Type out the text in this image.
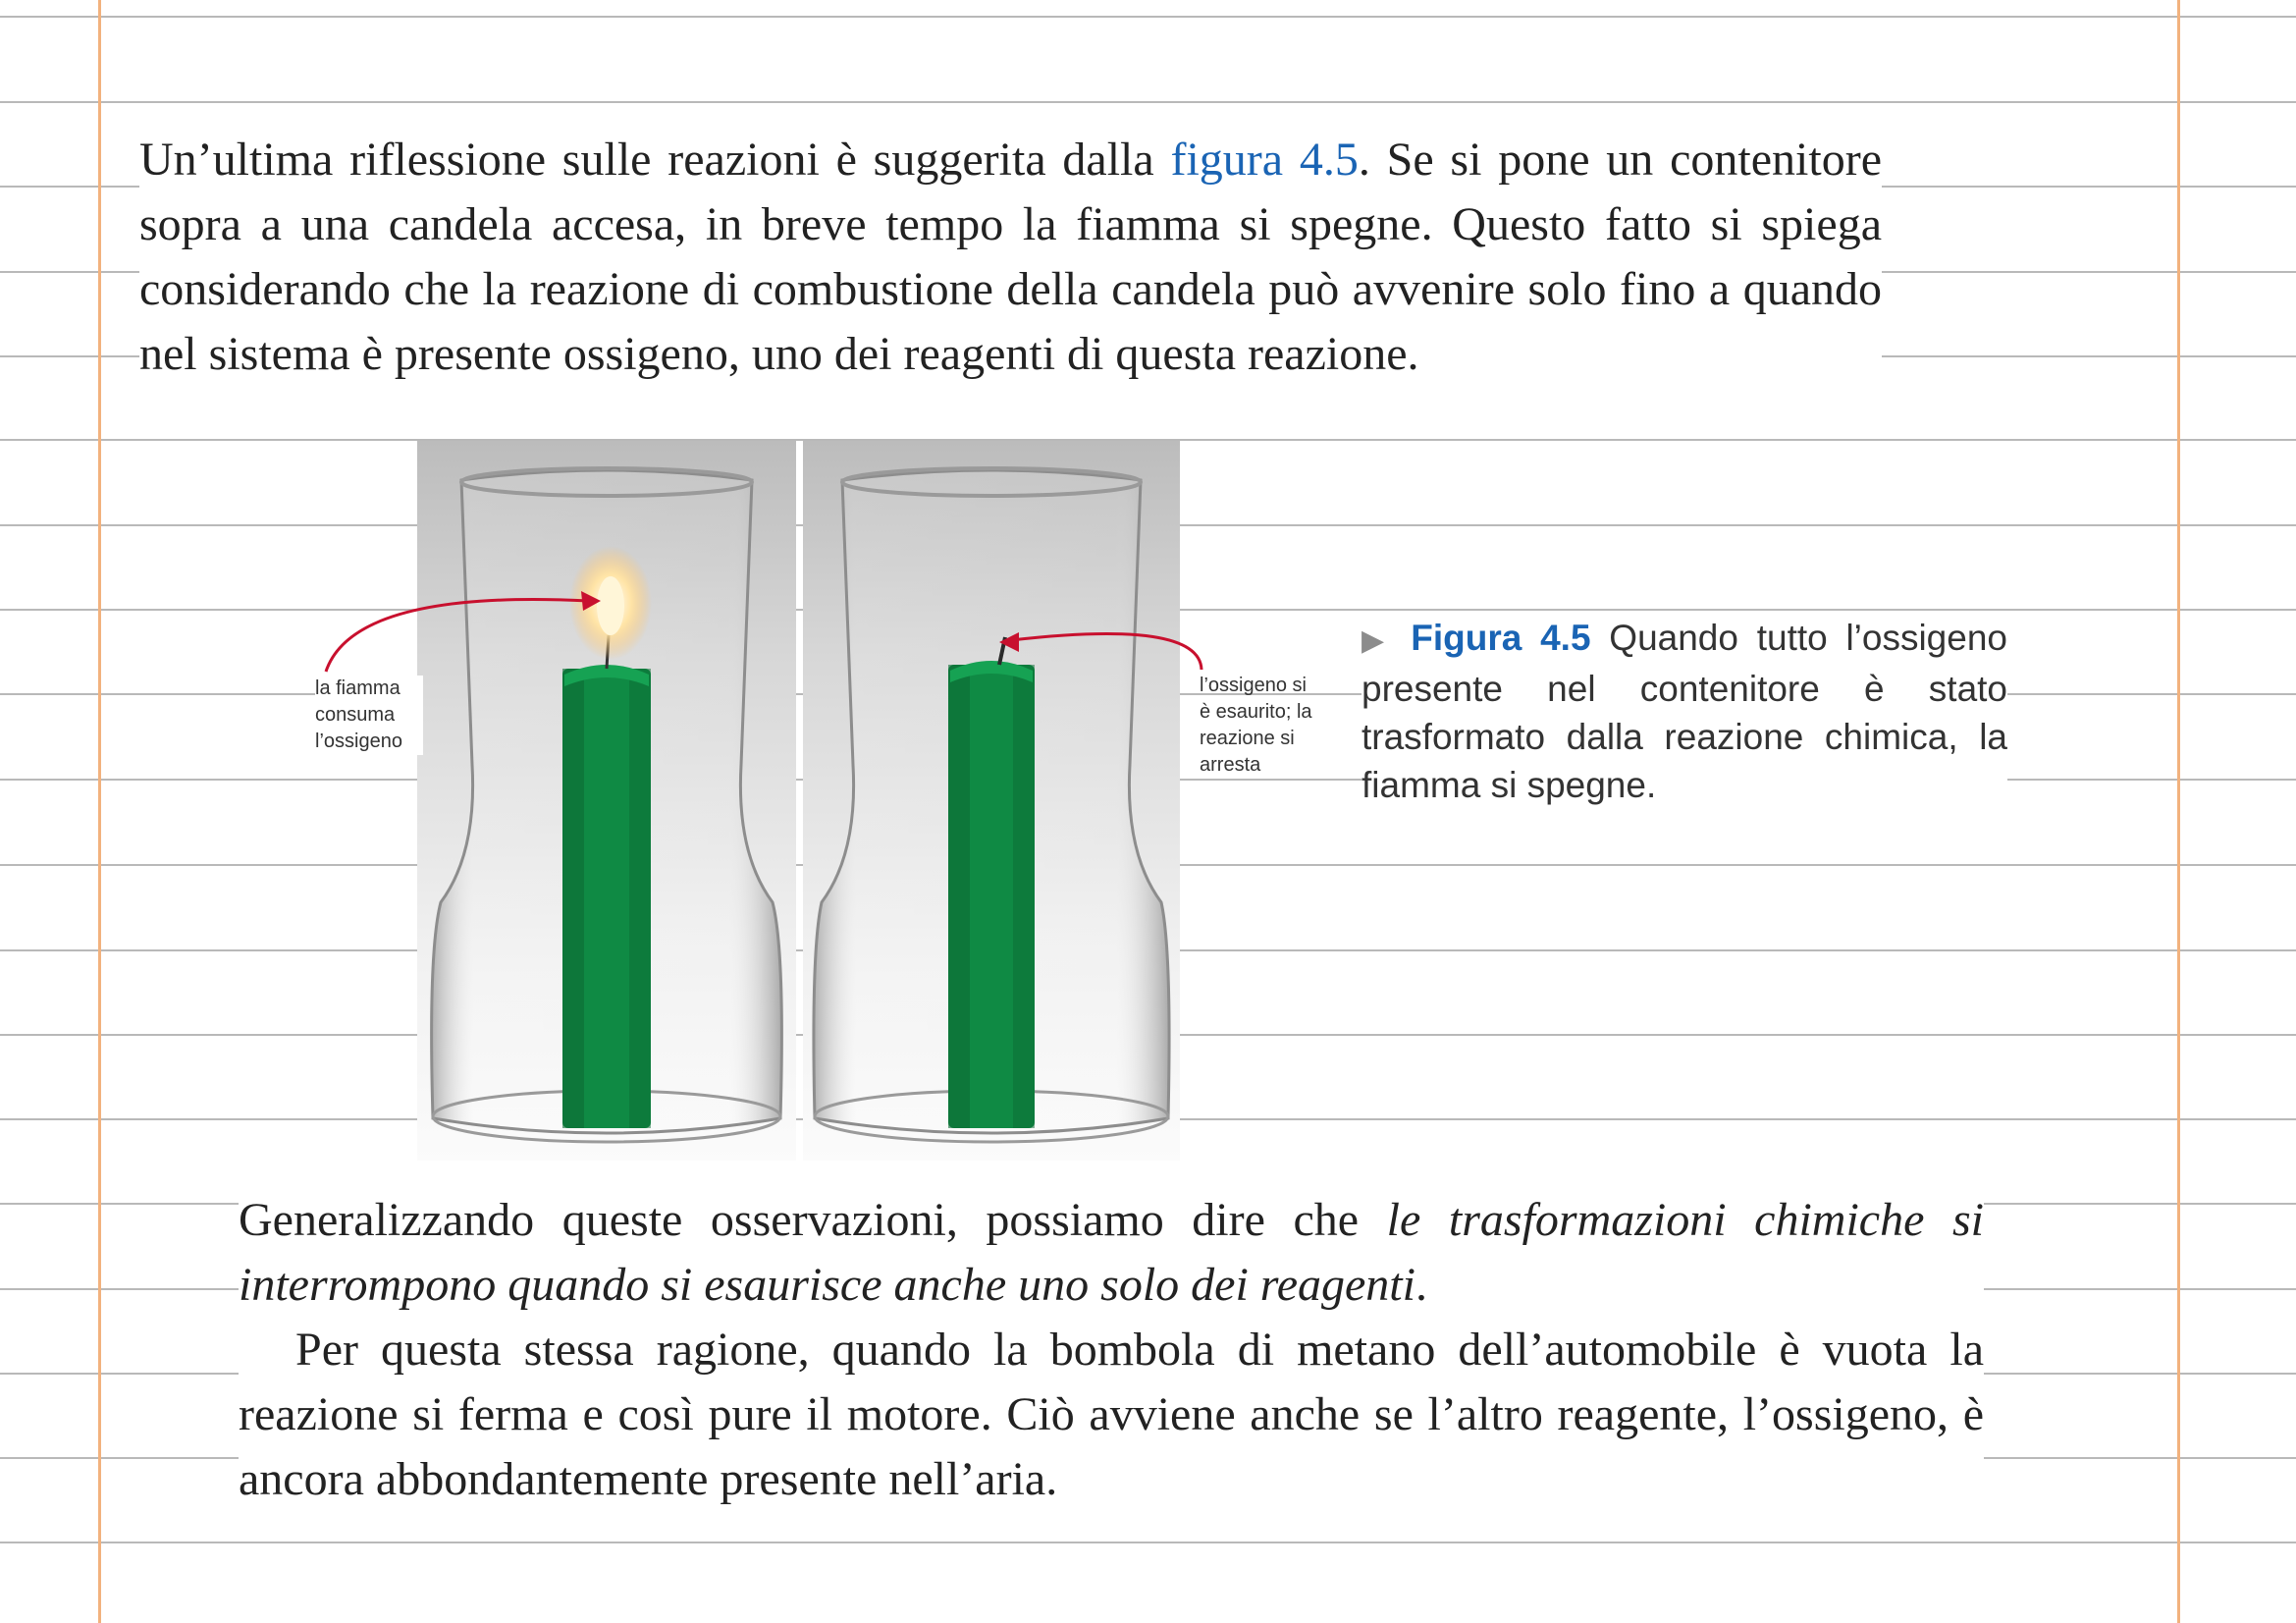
Un’ultima riflessione sulle reazioni è suggerita dalla figura 4.5. Se si pone un contenitore sopra a una candela accesa, in breve tempo la fiamma si spegne. Questo fatto si spiega considerando che la reazione di combustione della candela può avvenire solo fino a quando nel sistema è presente ossigeno, uno dei reagenti di questa reazione.

la fiamma consuma l’ossigeno
l’ossigeno si è esaurito; la reazione si arresta

▶ Figura 4.5 Quando tutto l’ossigeno presente nel contenitore è stato trasformato dalla reazione chimica, la fiamma si spegne.

Generalizzando queste osservazioni, possiamo dire che le trasformazioni chimiche si interrompono quando si esaurisce anche uno solo dei reagenti.
Per questa stessa ragione, quando la bombola di metano dell’automobile è vuota la reazione si ferma e così pure il motore. Ciò avviene anche se l’altro reagente, l’ossigeno, è ancora abbondantemente presente nell’aria.
